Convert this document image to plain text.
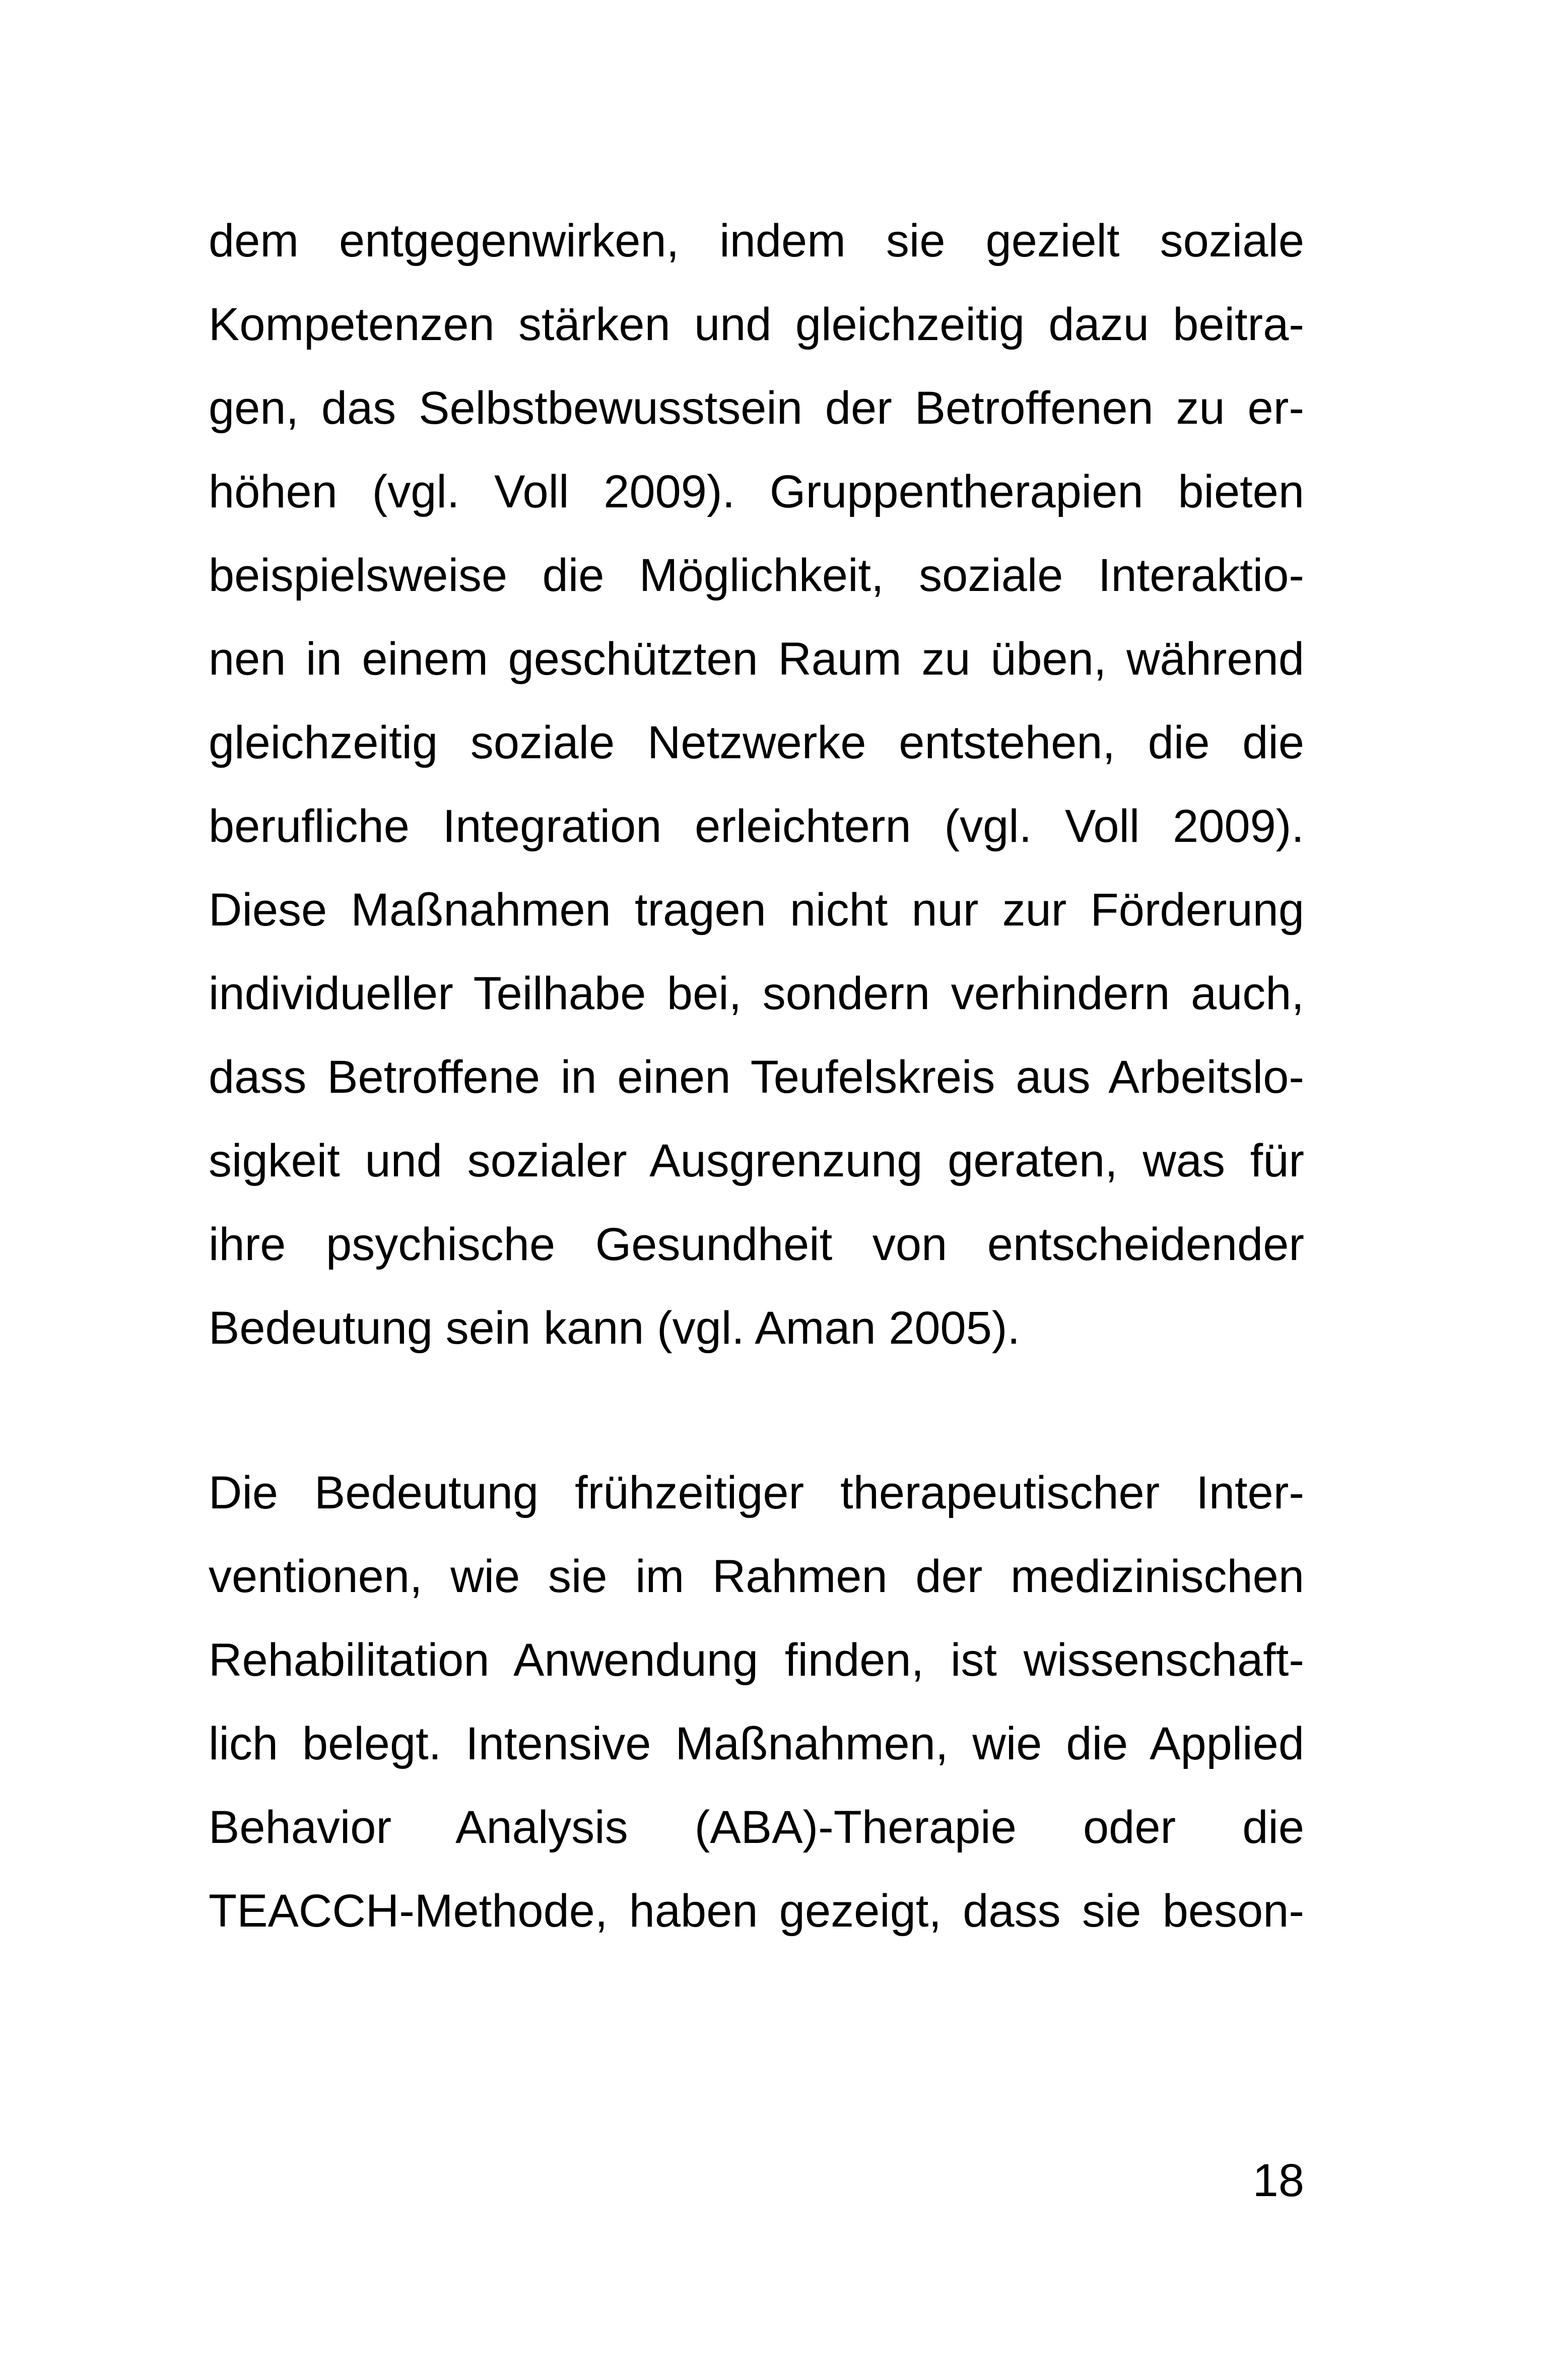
dem entgegenwirken, indem sie gezielt soziale
Kompetenzen stärken und gleichzeitig dazu beitra-
gen, das Selbstbewusstsein der Betroffenen zu er-
höhen (vgl. Voll 2009). Gruppentherapien bieten
beispielsweise die Möglichkeit, soziale Interaktio-
nen in einem geschützten Raum zu üben, während
gleichzeitig soziale Netzwerke entstehen, die die
berufliche Integration erleichtern (vgl. Voll 2009).
Diese Maßnahmen tragen nicht nur zur Förderung
individueller Teilhabe bei, sondern verhindern auch,
dass Betroffene in einen Teufelskreis aus Arbeitslo-
sigkeit und sozialer Ausgrenzung geraten, was für
ihre psychische Gesundheit von entscheidender
Bedeutung sein kann (vgl. Aman 2005).
Die Bedeutung frühzeitiger therapeutischer Inter-
ventionen, wie sie im Rahmen der medizinischen
Rehabilitation Anwendung finden, ist wissenschaft-
lich belegt. Intensive Maßnahmen, wie die Applied
Behavior Analysis (ABA)-Therapie oder die
TEACCH-Methode, haben gezeigt, dass sie beson-
18
